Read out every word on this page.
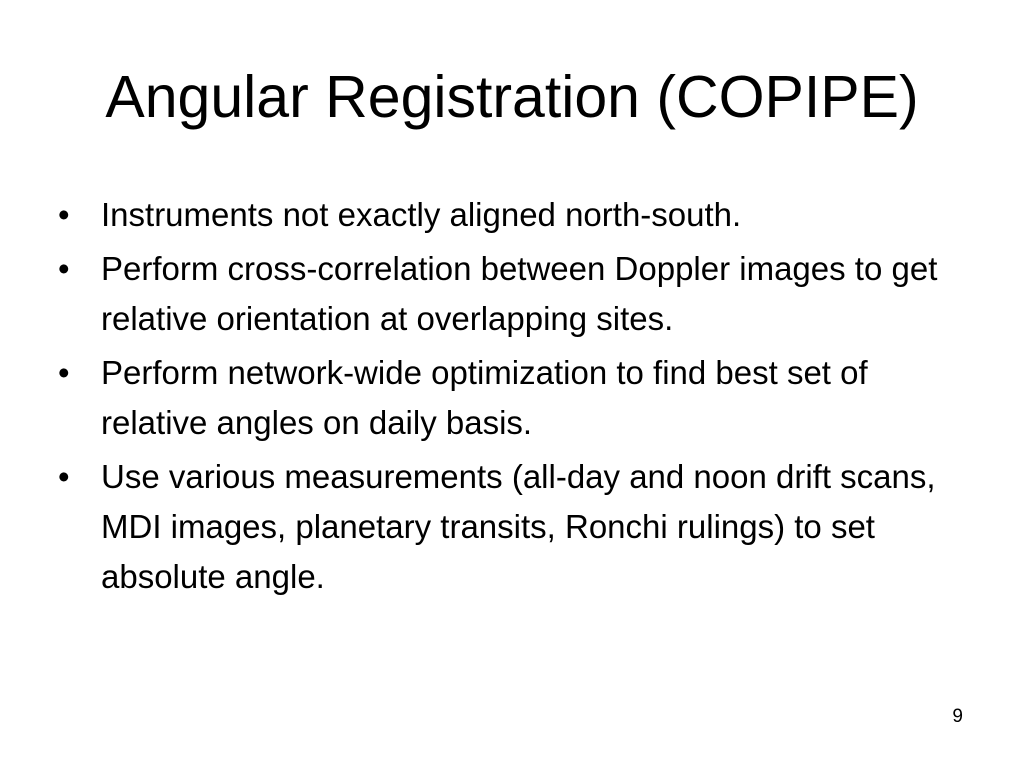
Angular Registration (COPIPE)
• Instruments not exactly aligned north-south.
• Perform cross-correlation between Doppler images to get relative orientation at overlapping sites.
• Perform network-wide optimization to find best set of relative angles on daily basis.
• Use various measurements (all-day and noon drift scans, MDI images, planetary transits, Ronchi rulings) to set absolute angle.
9
